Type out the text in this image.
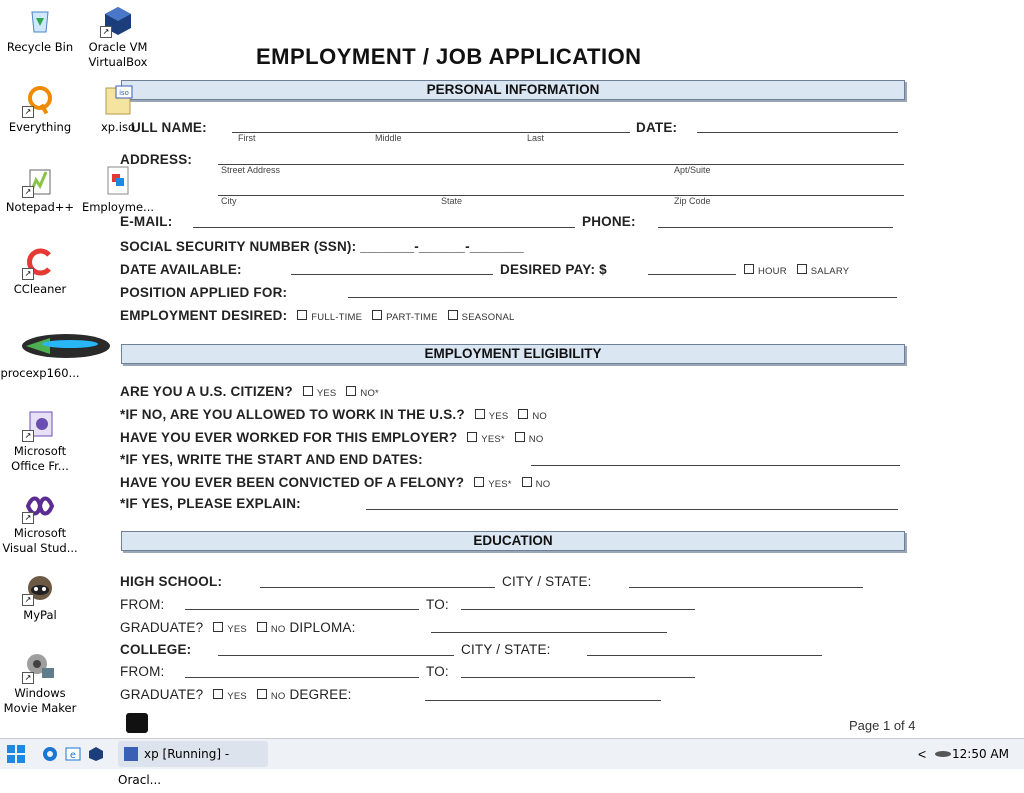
EMPLOYMENT / JOB APPLICATION
PERSONAL INFORMATION
ULL NAME:
First	Middle	Last
DATE:
ADDRESS:
Street Address	Apt/Suite
City	State	Zip Code
E-MAIL:	PHONE:
SOCIAL SECURITY NUMBER (SSN): _______-______-_______
DATE AVAILABLE:	DESIRED PAY: $	HOUR	SALARY
POSITION APPLIED FOR:
EMPLOYMENT DESIRED:	FULL-TIME	PART-TIME	SEASONAL
EMPLOYMENT ELIGIBILITY
ARE YOU A U.S. CITIZEN?	YES	NO*
*IF NO, ARE YOU ALLOWED TO WORK IN THE U.S.?	YES	NO
HAVE YOU EVER WORKED FOR THIS EMPLOYER?	YES*	NO
*IF YES, WRITE THE START AND END DATES:
HAVE YOU EVER BEEN CONVICTED OF A FELONY?	YES*	NO
*IF YES, PLEASE EXPLAIN:
EDUCATION
HIGH SCHOOL:	CITY / STATE:
FROM:	TO:
GRADUATE?	YES	NO DIPLOMA:
COLLEGE:	CITY / STATE:
FROM:	TO:
GRADUATE?	YES	NO DEGREE:
Page 1 of 4
Recycle Bin
↗
Oracle VM VirtualBox
↗
Everything
iso
xp.iso
↗
Notepad++ Employme...
↗
CCleaner
procexp160...
↗
Microsoft Office Fr...
↗
Microsoft Visual Stud...
↗
MyPal
↗
Windows Movie Maker
e	xp [Running] - Oracl...
< 12:50 AM
